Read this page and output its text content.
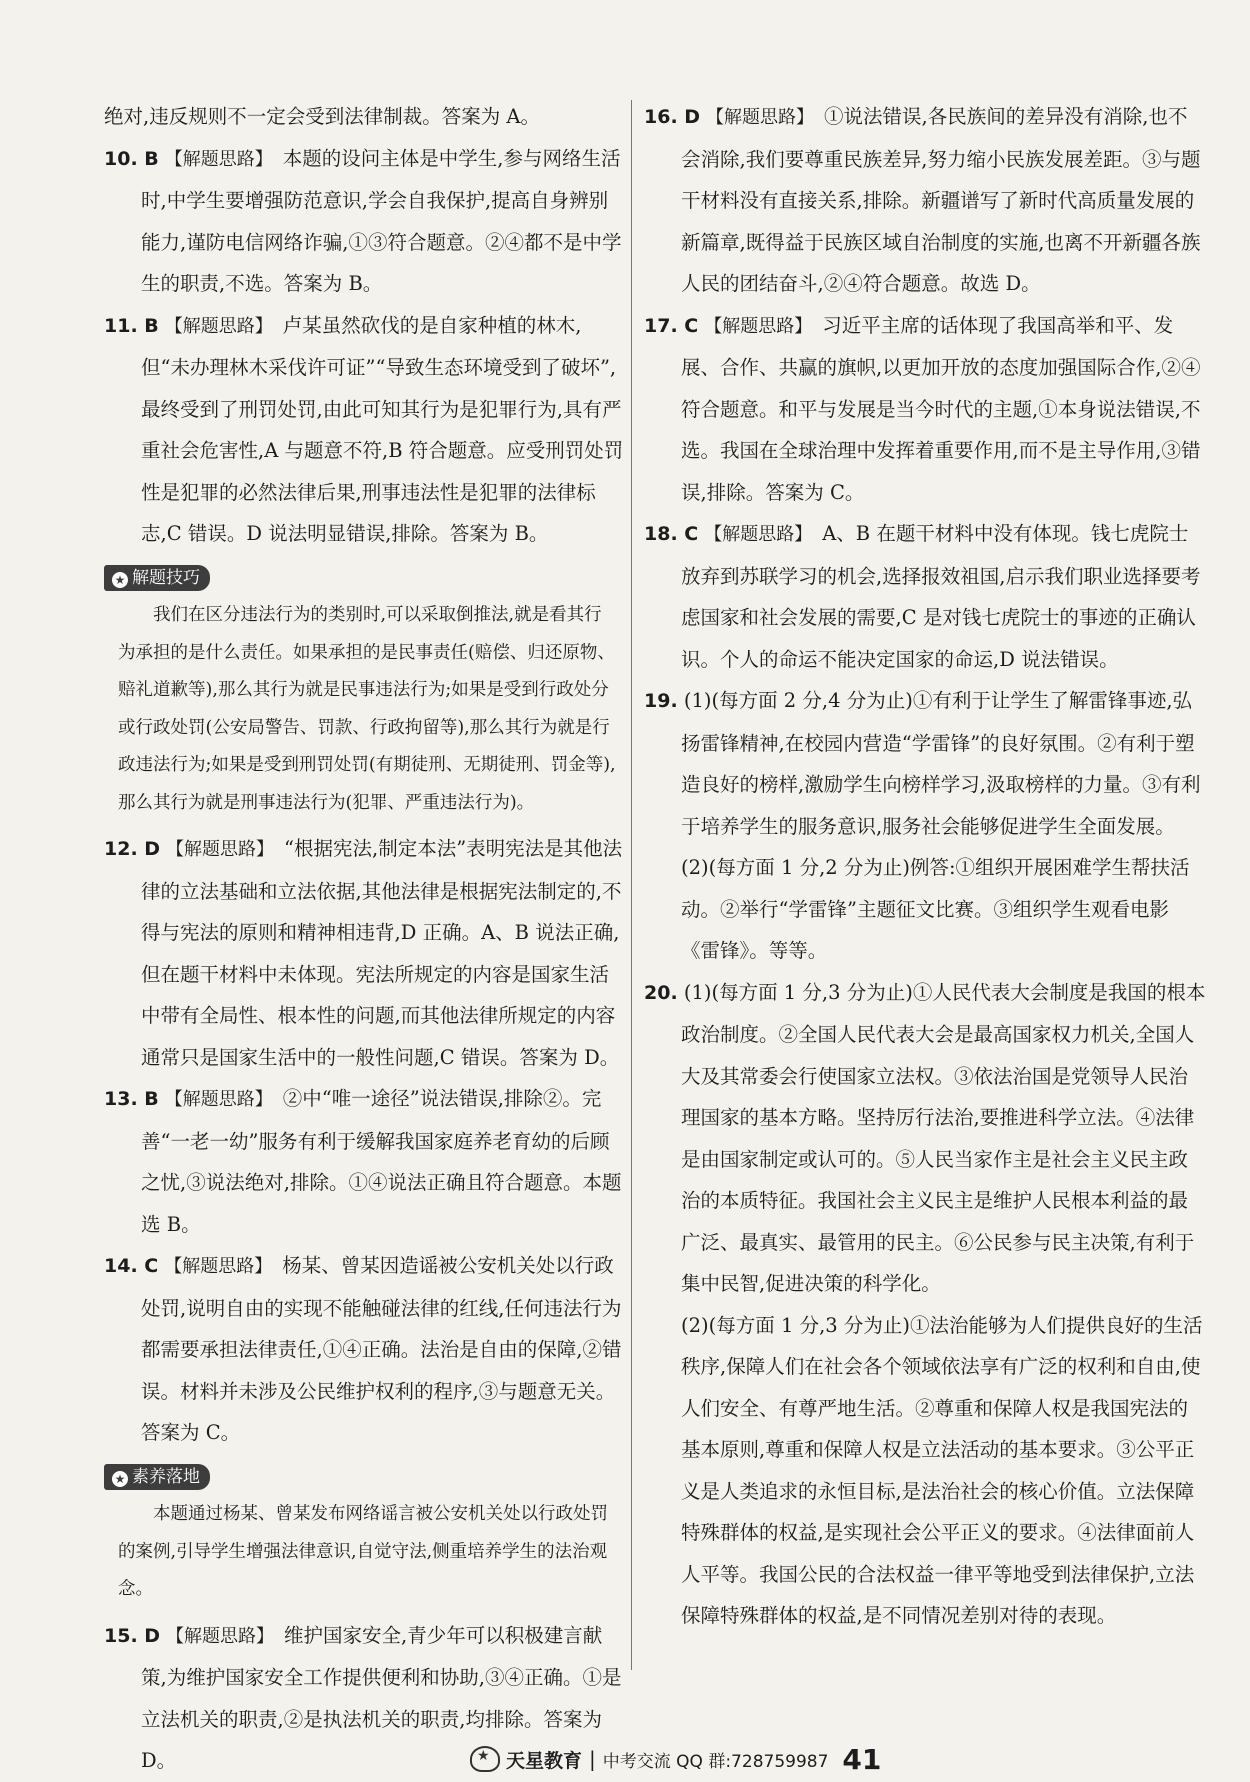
绝对,违反规则不一定会受到法律制裁。答案为 A。

10. B 【解题思路】 本题的设问主体是中学生,参与网络生活时,中学生要增强防范意识,学会自我保护,提高自身辨别能力,谨防电信网络诈骗,①③符合题意。②④都不是中学生的职责,不选。答案为 B。

11. B 【解题思路】 卢某虽然砍伐的是自家种植的林木,但“未办理林木采伐许可证”“导致生态环境受到了破坏”,最终受到了刑罚处罚,由此可知其行为是犯罪行为,具有严重社会危害性,A 与题意不符,B 符合题意。应受刑罚处罚性是犯罪的必然法律后果,刑事违法性是犯罪的法律标志,C 错误。D 说法明显错误,排除。答案为 B。

★ 解题技巧

我们在区分违法行为的类别时,可以采取倒推法,就是看其行为承担的是什么责任。如果承担的是民事责任(赔偿、归还原物、赔礼道歉等),那么其行为就是民事违法行为;如果是受到行政处分或行政处罚(公安局警告、罚款、行政拘留等),那么其行为就是行政违法行为;如果是受到刑罚处罚(有期徒刑、无期徒刑、罚金等),那么其行为就是刑事违法行为(犯罪、严重违法行为)。

12. D 【解题思路】 “根据宪法,制定本法”表明宪法是其他法律的立法基础和立法依据,其他法律是根据宪法制定的,不得与宪法的原则和精神相违背,D 正确。A、B 说法正确,但在题干材料中未体现。宪法所规定的内容是国家生活中带有全局性、根本性的问题,而其他法律所规定的内容通常只是国家生活中的一般性问题,C 错误。答案为 D。

13. B 【解题思路】 ②中“唯一途径”说法错误,排除②。完善“一老一幼”服务有利于缓解我国家庭养老育幼的后顾之忧,③说法绝对,排除。①④说法正确且符合题意。本题选 B。

14. C 【解题思路】 杨某、曾某因造谣被公安机关处以行政处罚,说明自由的实现不能触碰法律的红线,任何违法行为都需要承担法律责任,①④正确。法治是自由的保障,②错误。材料并未涉及公民维护权利的程序,③与题意无关。答案为 C。

★ 素养落地

本题通过杨某、曾某发布网络谣言被公安机关处以行政处罚的案例,引导学生增强法律意识,自觉守法,侧重培养学生的法治观念。

15. D 【解题思路】 维护国家安全,青少年可以积极建言献策,为维护国家安全工作提供便利和协助,③④正确。①是立法机关的职责,②是执法机关的职责,均排除。答案为 D。

16. D 【解题思路】 ①说法错误,各民族间的差异没有消除,也不会消除,我们要尊重民族差异,努力缩小民族发展差距。③与题干材料没有直接关系,排除。新疆谱写了新时代高质量发展的新篇章,既得益于民族区域自治制度的实施,也离不开新疆各族人民的团结奋斗,②④符合题意。故选 D。

17. C 【解题思路】 习近平主席的话体现了我国高举和平、发展、合作、共赢的旗帜,以更加开放的态度加强国际合作,②④符合题意。和平与发展是当今时代的主题,①本身说法错误,不选。我国在全球治理中发挥着重要作用,而不是主导作用,③错误,排除。答案为 C。

18. C 【解题思路】 A、B 在题干材料中没有体现。钱七虎院士放弃到苏联学习的机会,选择报效祖国,启示我们职业选择要考虑国家和社会发展的需要,C 是对钱七虎院士的事迹的正确认识。个人的命运不能决定国家的命运,D 说法错误。

19. (1)(每方面 2 分,4 分为止)①有利于让学生了解雷锋事迹,弘扬雷锋精神,在校园内营造“学雷锋”的良好氛围。②有利于塑造良好的榜样,激励学生向榜样学习,汲取榜样的力量。③有利于培养学生的服务意识,服务社会能够促进学生全面发展。

(2)(每方面 1 分,2 分为止)例答:①组织开展困难学生帮扶活动。②举行“学雷锋”主题征文比赛。③组织学生观看电影《雷锋》。等等。

20. (1)(每方面 1 分,3 分为止)①人民代表大会制度是我国的根本政治制度。②全国人民代表大会是最高国家权力机关,全国人大及其常委会行使国家立法权。③依法治国是党领导人民治理国家的基本方略。坚持厉行法治,要推进科学立法。④法律是由国家制定或认可的。⑤人民当家作主是社会主义民主政治的本质特征。我国社会主义民主是维护人民根本利益的最广泛、最真实、最管用的民主。⑥公民参与民主决策,有利于集中民智,促进决策的科学化。

(2)(每方面 1 分,3 分为止)①法治能够为人们提供良好的生活秩序,保障人们在社会各个领域依法享有广泛的权利和自由,使人们安全、有尊严地生活。②尊重和保障人权是我国宪法的基本原则,尊重和保障人权是立法活动的基本要求。③公平正义是人类追求的永恒目标,是法治社会的核心价值。立法保障特殊群体的权益,是实现社会公平正义的要求。④法律面前人人平等。我国公民的合法权益一律平等地受到法律保护,立法保障特殊群体的权益,是不同情况差别对待的表现。

★
天星教育 | 中考交流 QQ 群:728759987 41
